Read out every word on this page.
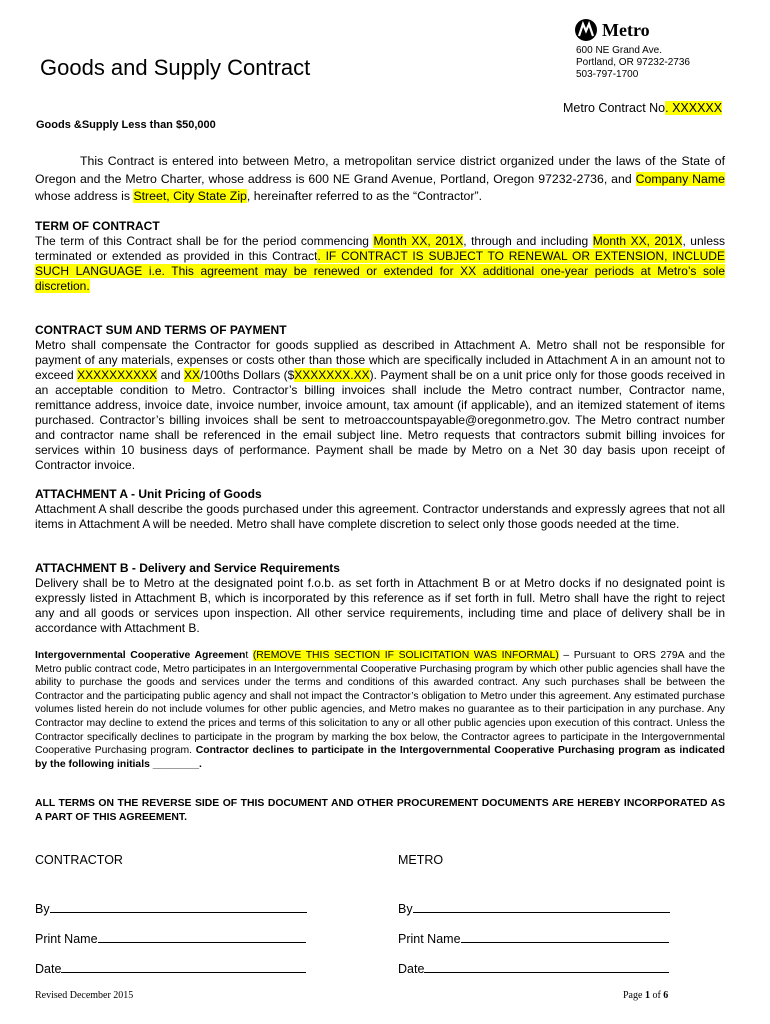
Goods and Supply Contract
Metro
600 NE Grand Ave.
Portland, OR 97232-2736
503-797-1700
Metro Contract No. XXXXXX
Goods &Supply Less than $50,000
This Contract is entered into between Metro, a metropolitan service district organized under the laws of the State of Oregon and the Metro Charter, whose address is 600 NE Grand Avenue, Portland, Oregon 97232-2736, and Company Name whose address is Street, City State Zip, hereinafter referred to as the “Contractor”.
TERM OF CONTRACT
The term of this Contract shall be for the period commencing Month XX, 201X, through and including Month XX, 201X, unless terminated or extended as provided in this Contract. IF CONTRACT IS SUBJECT TO RENEWAL OR EXTENSION, INCLUDE SUCH LANGUAGE i.e. This agreement may be renewed or extended for XX additional one-year periods at Metro’s sole discretion.
CONTRACT SUM AND TERMS OF PAYMENT
Metro shall compensate the Contractor for goods supplied as described in Attachment A. Metro shall not be responsible for payment of any materials, expenses or costs other than those which are specifically included in Attachment A in an amount not to exceed XXXXXXXXXX and XX/100ths Dollars ($XXXXXXX.XX). Payment shall be on a unit price only for those goods received in an acceptable condition to Metro. Contractor’s billing invoices shall include the Metro contract number, Contractor name, remittance address, invoice date, invoice number, invoice amount, tax amount (if applicable), and an itemized statement of items purchased. Contractor’s billing invoices shall be sent to metroaccountspayable@oregonmetro.gov. The Metro contract number and contractor name shall be referenced in the email subject line. Metro requests that contractors submit billing invoices for services within 10 business days of performance. Payment shall be made by Metro on a Net 30 day basis upon receipt of Contractor invoice.
ATTACHMENT A - Unit Pricing of Goods
Attachment A shall describe the goods purchased under this agreement. Contractor understands and expressly agrees that not all items in Attachment A will be needed. Metro shall have complete discretion to select only those goods needed at the time.
ATTACHMENT B - Delivery and Service Requirements
Delivery shall be to Metro at the designated point f.o.b. as set forth in Attachment B or at Metro docks if no designated point is expressly listed in Attachment B, which is incorporated by this reference as if set forth in full. Metro shall have the right to reject any and all goods or services upon inspection. All other service requirements, including time and place of delivery shall be in accordance with Attachment B.
Intergovernmental Cooperative Agreement (REMOVE THIS SECTION IF SOLICITATION WAS INFORMAL) – Pursuant to ORS 279A and the Metro public contract code, Metro participates in an Intergovernmental Cooperative Purchasing program by which other public agencies shall have the ability to purchase the goods and services under the terms and conditions of this awarded contract. Any such purchases shall be between the Contractor and the participating public agency and shall not impact the Contractor’s obligation to Metro under this agreement. Any estimated purchase volumes listed herein do not include volumes for other public agencies, and Metro makes no guarantee as to their participation in any purchase. Any Contractor may decline to extend the prices and terms of this solicitation to any or all other public agencies upon execution of this contract. Unless the Contractor specifically declines to participate in the program by marking the box below, the Contractor agrees to participate in the Intergovernmental Cooperative Purchasing program. Contractor declines to participate in the Intergovernmental Cooperative Purchasing program as indicated by the following initials ________.
ALL TERMS ON THE REVERSE SIDE OF THIS DOCUMENT AND OTHER PROCUREMENT DOCUMENTS ARE HEREBY INCORPORATED AS A PART OF THIS AGREEMENT.
CONTRACTOR	METRO
By	By
Print Name	Print Name
Date	Date
Revised December 2015	Page 1 of 6
